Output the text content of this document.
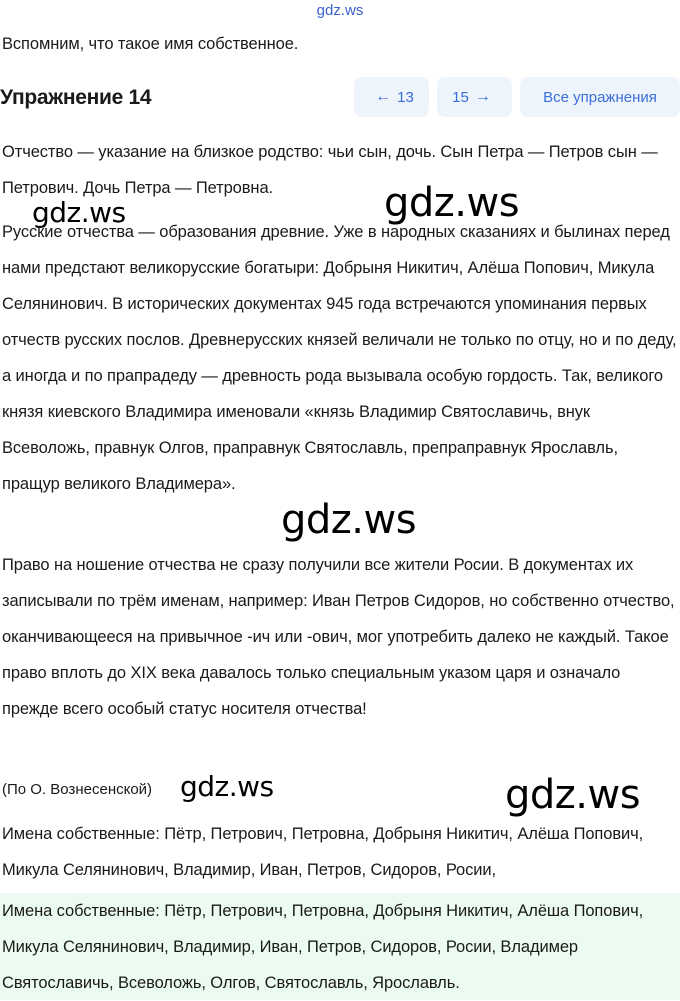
gdz.ws

Вспомним, что такое имя собственное.

Упражнение 14	← 13	15 →	Все упражнения

Отчество — указание на близкое родство: чьи сын, дочь. Сын Петра — Петров сын — Петрович. Дочь Петра — Петровна.

Русские отчества — образования древние. Уже в народных сказаниях и былинах перед нами предстают великорусские богатыри: Добрыня Никитич, Алёша Попович, Микула Селянинович. В исторических документах 945 года встречаются упоминания первых отчеств русских послов. Древнерусских князей величали не только по отцу, но и по деду, а иногда и по прапрадеду — древность рода вызывала особую гордость. Так, великого князя киевского Владимира именовали «князь Владимир Святославичь, внук Всеволожь, правнук Олгов, праправнук Святославль, препраправнук Ярославль, пращур великого Владимера».

Право на ношение отчества не сразу получили все жители Росии. В документах их записывали по трём именам, например: Иван Петров Сидоров, но собственно отчество, оканчивающееся на привычное -ич или -ович, мог употребить далеко не каждый. Такое право вплоть до XIX века давалось только специальным указом царя и означало прежде всего особый статус носителя отчества!

(По О. Вознесенской)

Имена собственные: Пётр, Петрович, Петровна, Добрыня Никитич, Алёша Попович, Микула Селянинович, Владимир, Иван, Петров, Сидоров, Росии,

Имена собственные: Пётр, Петрович, Петровна, Добрыня Никитич, Алёша Попович, Микула Селянинович, Владимир, Иван, Петров, Сидоров, Росии, Владимер Святославичь, Всеволожь, Олгов, Святославль, Ярославль.

gdz.ws	gdz.ws
gdz.ws
gdz.ws	gdz.ws
